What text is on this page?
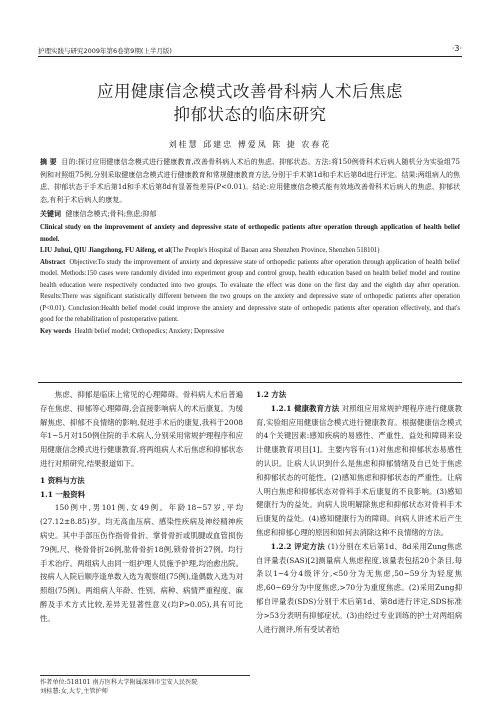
护理实践与研究2009年第6卷第9期(上半月版)	·3·
应用健康信念模式改善骨科病人术后焦虑
抑郁状态的临床研究
刘桂慧 邱建忠 傅爱凤 陈 捷 农春花
摘 要 目的:探讨应用健康信念模式进行健康教育,改善骨科病人术后的焦虑、抑郁状态。方法:将150例骨科术后病人随机分为实验组75例和对照组75例,分别采取健康信念模式进行健康教育和常规健康教育方法,分别于手术第1d和手术后第8d进行评定。结果:两组病人的焦虑、抑郁状态于手术后第1d和手术后第8d有显著性差异(P<0.01)。结论:应用健康信念模式能有效地改善骨科术后病人的焦虑、抑郁状态,有利于术后病人的康复。
关键词 健康信念模式;骨科;焦虑;抑郁
Clinical study on the improvement of anxiety and depressive state of orthopedic patients after operation through application of health belief model.
LIU Juhui, QIU Jiangzhong, FU Aifeng, et al(The People's Hospital of Baoan area Shenzhen Province, Shenzhen 518101)
Abstract Objective:To study the improvement of anxiety and depressive state of orthopedic patients after operation through application of health belief model. Methods:150 cases were randomly divided into experiment group and control group, health education based on health belief model and routine health education were respectively conducted into two groups. To evaluate the effect was done on the first day and the eighth day after operation. Results:There was significant statistically different between the two groups on the anxiety and depressive state of orthopedic patients after operation (P<0.01). Conclusion:Health belief model could improve the anxiety and depressive state of orthopedic patients after operation effectively, and that's good for the rehabilitation of postoperative patient.
Key words Health belief model; Orthopedics; Anxiety; Depressive

焦虑、抑郁是临床上常见的心理障碍。骨科病人术后普遍存在焦虑、抑郁等心理障碍,会直接影响病人的术后康复。为缓解焦虑、抑郁不良情绪的影响,促进手术后的康复,我科于2008年1~5月对150例住院的手术病人,分别采用常规护理程序和应用健康信念模式进行健康教育,将两组病人术后焦虑和抑郁状态进行对照研究,结果报道如下。

1 资料与方法

1.1 一般资料

150例中,男101例,女49例。年龄18~57岁,平均(27.12±8.85)岁。均无高血压病、感染性疾病及神经精神疾病史。其中手部压伤作指骨骨折、掌骨骨折或肌腱或血管损伤79例,尺、桡骨骨折26例,肱骨骨折18例,锁骨骨折27例。均行手术治疗。两组病人由同一组护理人员施予护理,均治愈出院。按病人入院后顺序逢单数入选为观察组(75例),逢偶数入选为对照组(75例)。两组病人年龄、性别、病种、病情严重程度、麻醉及手术方式比较,差异无显著性意义(均P>0.05),具有可比性。

1.2 方法

1.2.1 健康教育方法 对照组应用常规护理程序进行健康教育,实验组应用健康信念模式进行健康教育。根据健康信念模式的4个关键因素:感知疾病的易感性、严重性、益处和障碍来设计健康教育项目[1]。主要内容有:(1)对焦虑和抑郁状态易感性的认识。让病人认识到什么是焦虑和抑郁情绪及自已处于焦虑和抑郁状态的可能性。(2)感知焦虑和抑郁状态的严重性。让病人明白焦虑和抑郁状态对骨科手术后康复的不良影响。(3)感知健康行为的益处。向病人说明解除焦虑和抑郁状态对骨科手术后康复的益处。(4)感知健康行为的障碍。向病人讲述术后产生焦虑和抑郁心理的原因和如何去消除这种不良情绪的方法。

1.2.2 评定方法 (1)分别在术后第1d、8d采用Zung焦虑自评量表(SAS)[2]测量病人焦虑程度,该量表包括20个条目,每条以1~4分4级评分,<50分为无焦虑,50~59分为轻度焦虑,60~69分为中度焦虑,>70分为重度焦虑。(2)采用Zung抑郁自评量表(SDS)分别于术后第1d、第8d进行评定,SDS标准分>53分表明有抑郁症状。(3)由经过专业训练的护士对两组病人进行测评,所有受试者给

作者单位:518101 南方医科大学附属深圳市宝安人民医院
刘桂慧:女,大专,主管护师
